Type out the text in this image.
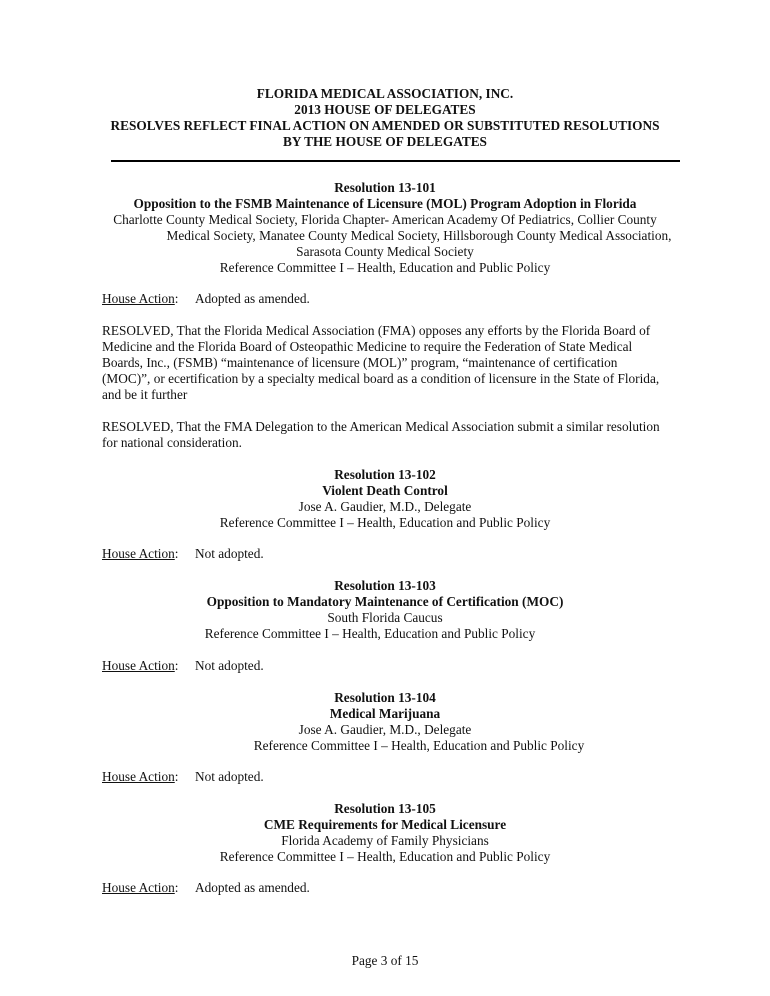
FLORIDA MEDICAL ASSOCIATION, INC.
2013 HOUSE OF DELEGATES
RESOLVES REFLECT FINAL ACTION ON AMENDED OR SUBSTITUTED RESOLUTIONS
BY THE HOUSE OF DELEGATES
Resolution 13-101
Opposition to the FSMB Maintenance of Licensure (MOL) Program Adoption in Florida
Charlotte County Medical Society, Florida Chapter- American Academy Of Pediatrics, Collier County
Medical Society, Manatee County Medical Society, Hillsborough County Medical Association,
Sarasota County Medical Society
Reference Committee I – Health, Education and Public Policy
House Action: Adopted as amended.
RESOLVED, That the Florida Medical Association (FMA) opposes any efforts by the Florida Board of
Medicine and the Florida Board of Osteopathic Medicine to require the Federation of State Medical
Boards, Inc., (FSMB) “maintenance of licensure (MOL)” program, “maintenance of certification
(MOC)”, or ecertification by a specialty medical board as a condition of licensure in the State of Florida,
and be it further
RESOLVED, That the FMA Delegation to the American Medical Association submit a similar resolution
for national consideration.
Resolution 13-102
Violent Death Control
Jose A. Gaudier, M.D., Delegate
Reference Committee I – Health, Education and Public Policy
House Action: Not adopted.
Resolution 13-103
Opposition to Mandatory Maintenance of Certification (MOC)
South Florida Caucus
Reference Committee I – Health, Education and Public Policy
House Action: Not adopted.
Resolution 13-104
Medical Marijuana
Jose A. Gaudier, M.D., Delegate
Reference Committee I – Health, Education and Public Policy
House Action: Not adopted.
Resolution 13-105
CME Requirements for Medical Licensure
Florida Academy of Family Physicians
Reference Committee I – Health, Education and Public Policy
House Action: Adopted as amended.
Page 3 of 15
